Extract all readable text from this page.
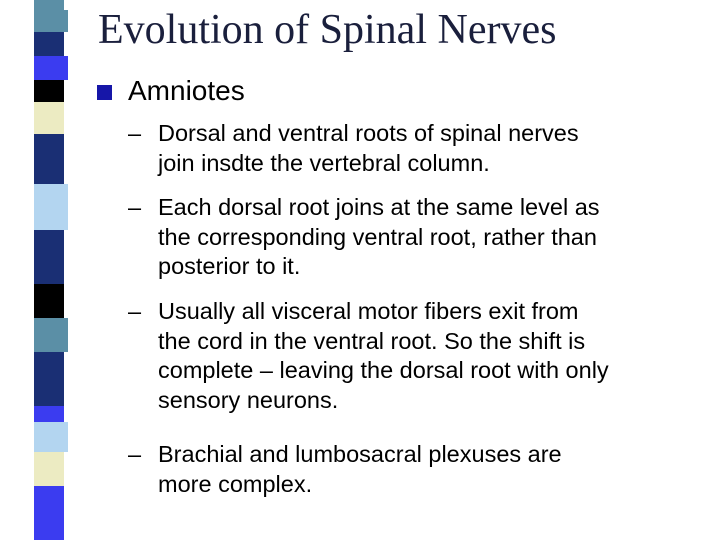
Evolution of Spinal Nerves
Amniotes
– Dorsal and ventral roots of spinal nerves
join insdte the vertebral column.
– Each dorsal root joins at the same level as
the corresponding ventral root, rather than
posterior to it.
– Usually all visceral motor fibers exit from
the cord in the ventral root. So the shift is
complete – leaving the dorsal root with only
sensory neurons.
– Brachial and lumbosacral plexuses are
more complex.
